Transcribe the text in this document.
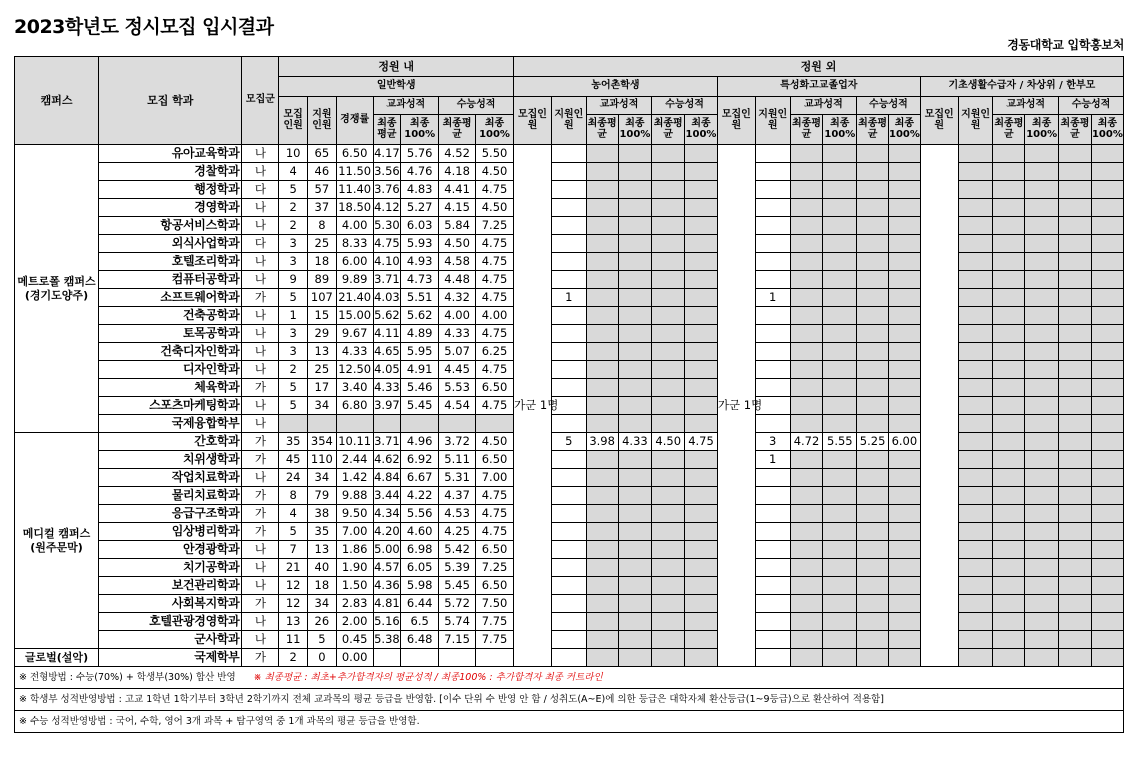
2023학년도 정시모집 입시결과
경동대학교 입학홍보처
캠퍼스	모집 학과	모집군	정원 내							정원 외																	
			일반학생							농어촌학생						특성화고교졸업자						기초생활수급자 / 차상위 / 한부모					
			모집인원	지원인원	경쟁률	교과성적		수능성적		모집인원	지원인원	교과성적		수능성적		모집인원	지원인원	교과성적		수능성적		모집인원	지원인원	교과성적		수능성적	
						최종평균	최종100%	최종평균	최종100%			최종평균	최종100%	최종평균	최종100%			최종평균	최종100%	최종평균	최종100%			최종평균	최종100%	최종평균	최종100%
메트로폴 캠퍼스 (경기도양주)	유아교육학과	나	10	65	6.50	4.17	5.76	4.52	5.50	가군 1명						가군 1명											
	경찰학과	나	4	46	11.50	3.56	4.76	4.18	4.50																		
	행정학과	다	5	57	11.40	3.76	4.83	4.41	4.75																		
	경영학과	나	2	37	18.50	4.12	5.27	4.15	4.50																		
	항공서비스학과	나	2	8	4.00	5.30	6.03	5.84	7.25																		
	외식사업학과	다	3	25	8.33	4.75	5.93	4.50	4.75																		
	호텔조리학과	나	3	18	6.00	4.10	4.93	4.58	4.75																		
	컴퓨터공학과	나	9	89	9.89	3.71	4.73	4.48	4.75																		
	소프트웨어학과	가	5	107	21.40	4.03	5.51	4.32	4.75		1						1										
	건축공학과	나	1	15	15.00	5.62	5.62	4.00	4.00																		
	토목공학과	나	3	29	9.67	4.11	4.89	4.33	4.75																		
	건축디자인학과	나	3	13	4.33	4.65	5.95	5.07	6.25																		
	디자인학과	나	2	25	12.50	4.05	4.91	4.45	4.75																		
	체육학과	가	5	17	3.40	4.33	5.46	5.53	6.50																		
	스포츠마케팅학과	나	5	34	6.80	3.97	5.45	4.54	4.75																		
	국제융합학부	나																									
메디컬 캠퍼스 (원주문막)	간호학과	가	35	354	10.11	3.71	4.96	3.72	4.50		5	3.98	4.33	4.50	4.75		3	4.72	5.55	5.25	6.00						
	치위생학과	가	45	110	2.44	4.62	6.92	5.11	6.50								1										
	작업치료학과	나	24	34	1.42	4.84	6.67	5.31	7.00																		
	물리치료학과	가	8	79	9.88	3.44	4.22	4.37	4.75																		
	응급구조학과	가	4	38	9.50	4.34	5.56	4.53	4.75																		
	임상병리학과	가	5	35	7.00	4.20	4.60	4.25	4.75																		
	안경광학과	나	7	13	1.86	5.00	6.98	5.42	6.50																		
	치기공학과	나	21	40	1.90	4.57	6.05	5.39	7.25																		
	보건관리학과	나	12	18	1.50	4.36	5.98	5.45	6.50																		
	사회복지학과	가	12	34	2.83	4.81	6.44	5.72	7.50																		
	호텔관광경영학과	나	13	26	2.00	5.16	6.5	5.74	7.75																		
	군사학과	나	11	5	0.45	5.38	6.48	7.15	7.75																		
글로벌(설악)	국제학부	가	2	0	0.00																						
※ 전형방법 : 수능(70%) + 학생부(30%) 합산 반영 ※ 최종평균 : 최초+추가합격자의 평균성적 / 최종100% : 추가합격자 최종 커트라인																											
※ 학생부 성적반영방법 : 고교 1학년 1학기부터 3학년 2학기까지 전체 교과목의 평균 등급을 반영함. [이수 단위 수 반영 안 함 / 성취도(A~E)에 의한 등급은 대학자체 환산등급(1~9등급)으로 환산하여 적용함]																											
※ 수능 성적반영방법 : 국어, 수학, 영어 3개 과목 + 탐구영역 중 1개 과목의 평균 등급을 반영함.																											
